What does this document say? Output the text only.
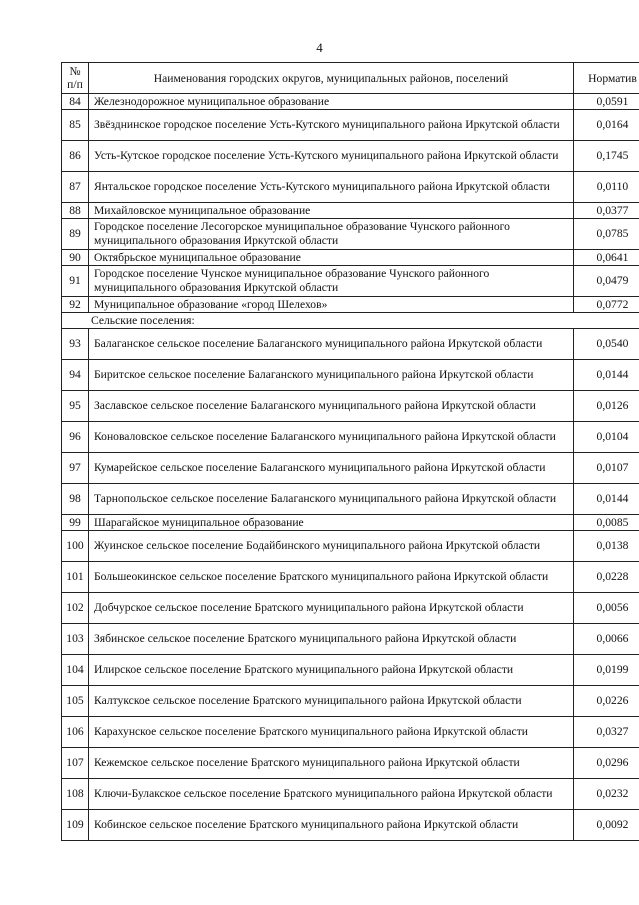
4
№ п/п	Наименования городских округов, муниципальных районов, поселений	Норматив
84	Железнодорожное муниципальное образование	0,0591
85	Звёзднинское городское поселение Усть-Кутского муниципального района Иркутской области	0,0164
86	Усть-Кутское городское поселение Усть-Кутского муниципального района Иркутской области	0,1745
87	Янтальское городское поселение Усть-Кутского муниципального района Иркутской области	0,0110
88	Михайловское муниципальное образование	0,0377
89	Городское поселение Лесогорское муниципальное образование Чунского районного муниципального образования Иркутской области	0,0785
90	Октябрьское муниципальное образование	0,0641
91	Городское поселение Чунское муниципальное образование Чунского районного муниципального образования Иркутской области	0,0479
92	Муниципальное образование «город Шелехов»	0,0772
Сельские поселения:		
93	Балаганское сельское поселение Балаганского муниципального района Иркутской области	0,0540
94	Биритское сельское поселение Балаганского муниципального района Иркутской области	0,0144
95	Заславское сельское поселение Балаганского муниципального района Иркутской области	0,0126
96	Коноваловское сельское поселение Балаганского муниципального района Иркутской области	0,0104
97	Кумарейское сельское поселение Балаганского муниципального района Иркутской области	0,0107
98	Тарнопольское сельское поселение Балаганского муниципального района Иркутской области	0,0144
99	Шарагайское муниципальное образование	0,0085
100	Жуинское сельское поселение Бодайбинского муниципального района Иркутской области	0,0138
101	Большеокинское сельское поселение Братского муниципального района Иркутской области	0,0228
102	Добчурское сельское поселение Братского муниципального района Иркутской области	0,0056
103	Зябинское сельское поселение Братского муниципального района Иркутской области	0,0066
104	Илирское сельское поселение Братского муниципального района Иркутской области	0,0199
105	Калтукское сельское поселение Братского муниципального района Иркутской области	0,0226
106	Карахунское сельское поселение Братского муниципального района Иркутской области	0,0327
107	Кежемское сельское поселение Братского муниципального района Иркутской области	0,0296
108	Ключи-Булакское сельское поселение Братского муниципального района Иркутской области	0,0232
109	Кобинское сельское поселение Братского муниципального района Иркутской области	0,0092
